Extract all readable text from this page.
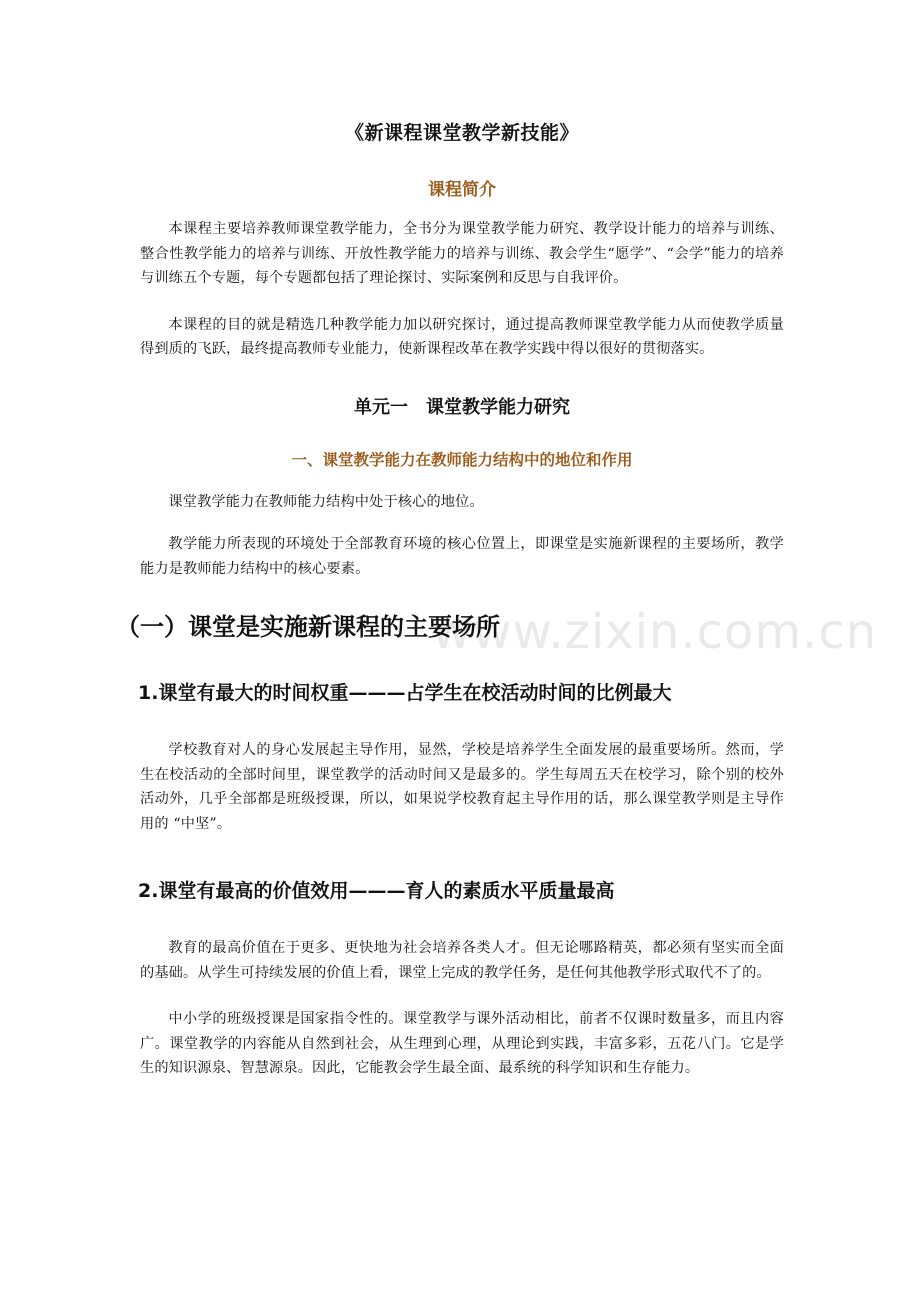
www.zixin.com.cn
《新课程课堂教学新技能》
课程简介

本课程主要培养教师课堂教学能力，全书分为课堂教学能力研究、教学设计能力的培养与训练、整合性教学能力的培养与训练、开放性教学能力的培养与训练、教会学生“愿学”、“会学”能力的培养与训练五个专题，每个专题都包括了理论探讨、实际案例和反思与自我评价。

本课程的目的就是精选几种教学能力加以研究探讨，通过提高教师课堂教学能力从而使教学质量得到质的飞跃，最终提高教师专业能力，使新课程改革在教学实践中得以很好的贯彻落实。

单元一　课堂教学能力研究
一、课堂教学能力在教师能力结构中的地位和作用

课堂教学能力在教师能力结构中处于核心的地位。

教学能力所表现的环境处于全部教育环境的核心位置上，即课堂是实施新课程的主要场所，教学能力是教师能力结构中的核心要素。

（一）课堂是实施新课程的主要场所
1.课堂有最大的时间权重———占学生在校活动时间的比例最大

学校教育对人的身心发展起主导作用，显然，学校是培养学生全面发展的最重要场所。然而，学生在校活动的全部时间里，课堂教学的活动时间又是最多的。学生每周五天在校学习，除个别的校外活动外，几乎全部都是班级授课，所以，如果说学校教育起主导作用的话，那么课堂教学则是主导作用的 “中坚”。

2.课堂有最高的价值效用———育人的素质水平质量最高

教育的最高价值在于更多、更快地为社会培养各类人才。但无论哪路精英，都必须有坚实而全面的基础。从学生可持续发展的价值上看，课堂上完成的教学任务，是任何其他教学形式取代不了的。

中小学的班级授课是国家指令性的。课堂教学与课外活动相比，前者不仅课时数量多，而且内容广。课堂教学的内容能从自然到社会，从生理到心理，从理论到实践，丰富多彩，五花八门。它是学生的知识源泉、智慧源泉。因此，它能教会学生最全面、最系统的科学知识和生存能力。
